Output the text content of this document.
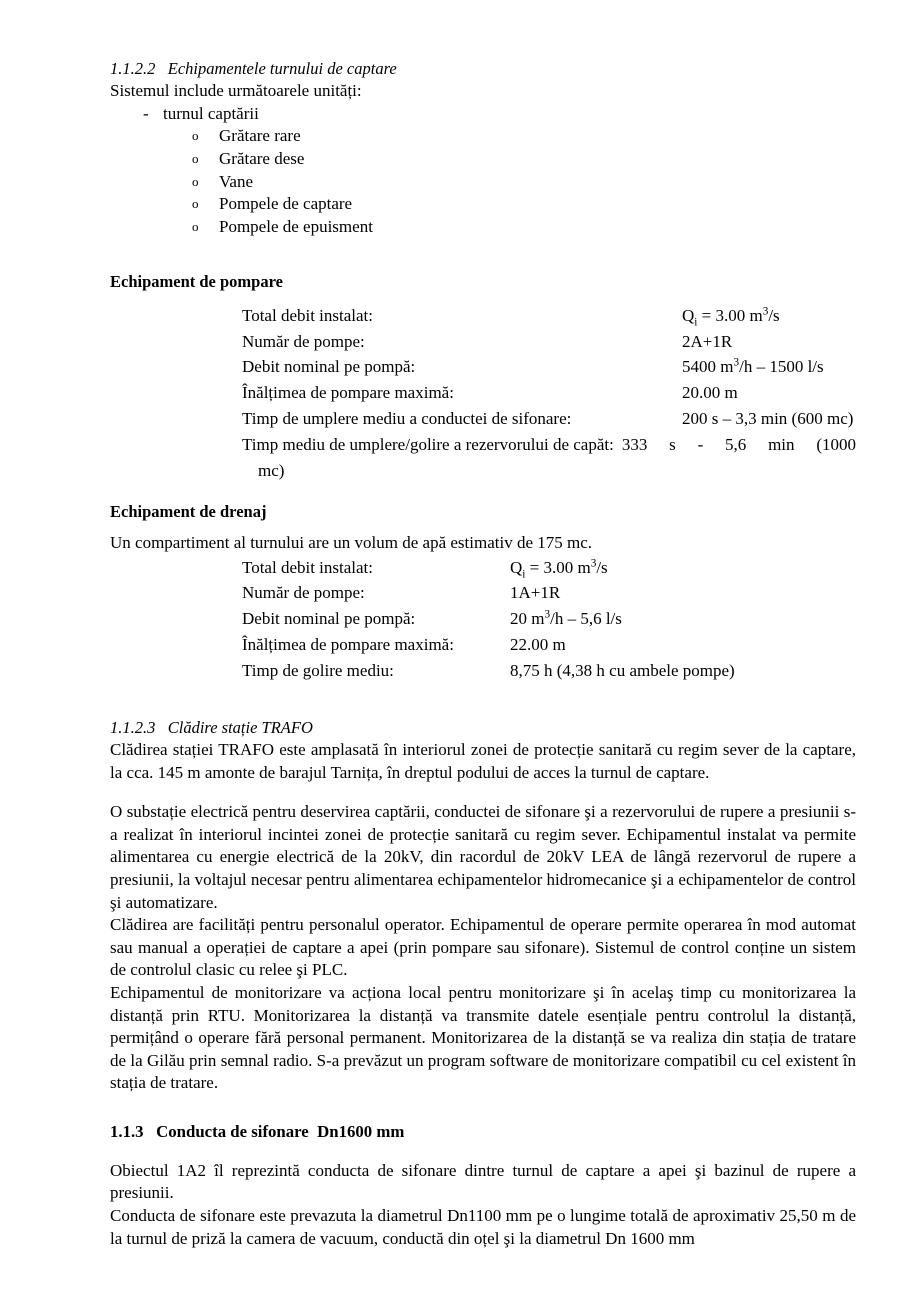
1.1.2.2 Echipamentele turnului de captare

Sistemul include următoarele unități:

- turnul captării
o Grătare rare
o Grătare dese
o Vane
o Pompele de captare
o Pompele de epuisment
Echipament de pompare
Total debit instalat:	$Q_i = 3.00$ $m^3/s$
Număr de pompe:	2A+1R
Debit nominal pe pompă:	5400 $m^3/h - 1500$ l/s
Înălțimea de pompare maximă:	20.00 m
Timp de umplere mediu a conductei de sifonare:	200 s – 3,3 min (600 mc)
Timp mediu de umplere/golire a rezervorului de capăt: 333 s - 5,6 min (1000
mc)
Echipament de drenaj

Un compartiment al turnului are un volum de apă estimativ de 175 mc.

Total debit instalat:	$Q_i = 3.00$ $m^3/s$
Număr de pompe:	1A+1R
Debit nominal pe pompă:	20 $m^3/h - 5,6$ l/s
Înălțimea de pompare maximă:	22.00 m
Timp de golire mediu:	8,75 h (4,38 h cu ambele pompe)
1.1.2.3 Clădire stație TRAFO

Clădirea stației TRAFO este amplasată în interiorul zonei de protecție sanitară cu regim sever de la captare, la cca. 145 m amonte de barajul Tarnița, în dreptul podului de acces la turnul de captare.

O substație electrică pentru deservirea captării, conductei de sifonare şi a rezervorului de rupere a presiunii s-a realizat în interiorul incintei zonei de protecție sanitară cu regim sever. Echipamentul instalat va permite alimentarea cu energie electrică de la 20kV, din racordul de 20kV LEA de lângă rezervorul de rupere a presiunii, la voltajul necesar pentru alimentarea echipamentelor hidromecanice şi a echipamentelor de control şi automatizare.

Clădirea are facilități pentru personalul operator. Echipamentul de operare permite operarea în mod automat sau manual a operației de captare a apei (prin pompare sau sifonare). Sistemul de control conține un sistem de controlul clasic cu relee şi PLC.

Echipamentul de monitorizare va acționa local pentru monitorizare şi în acelaş timp cu monitorizarea la distanță prin RTU. Monitorizarea la distanță va transmite datele esențiale pentru controlul la distanță, permițând o operare fără personal permanent. Monitorizarea de la distanță se va realiza din stația de tratare de la Gilău prin semnal radio. S-a prevăzut un program software de monitorizare compatibil cu cel existent în stația de tratare.

1.1.3 Conducta de sifonare  Dn1600 mm

Obiectul 1A2 îl reprezintă conducta de sifonare dintre turnul de captare a apei şi bazinul de rupere a presiunii.

Conducta de sifonare este prevazuta la diametrul Dn1100 mm pe o lungime totală de aproximativ 25,50 m de la turnul de priză la camera de vacuum, conductă din oțel şi la diametrul Dn 1600 mm
